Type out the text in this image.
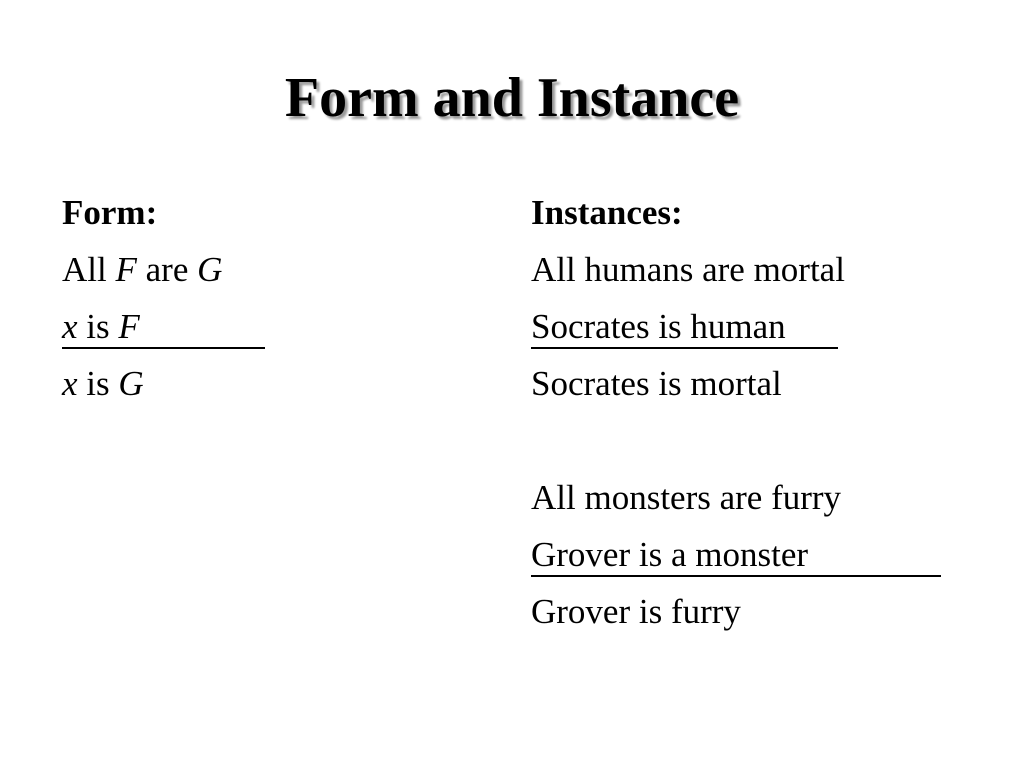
Form and Instance
Form:
All F are G
x is F
x is G
Instances:
All humans are mortal
Socrates is human
Socrates is mortal
All monsters are furry
Grover is a monster
Grover is furry
